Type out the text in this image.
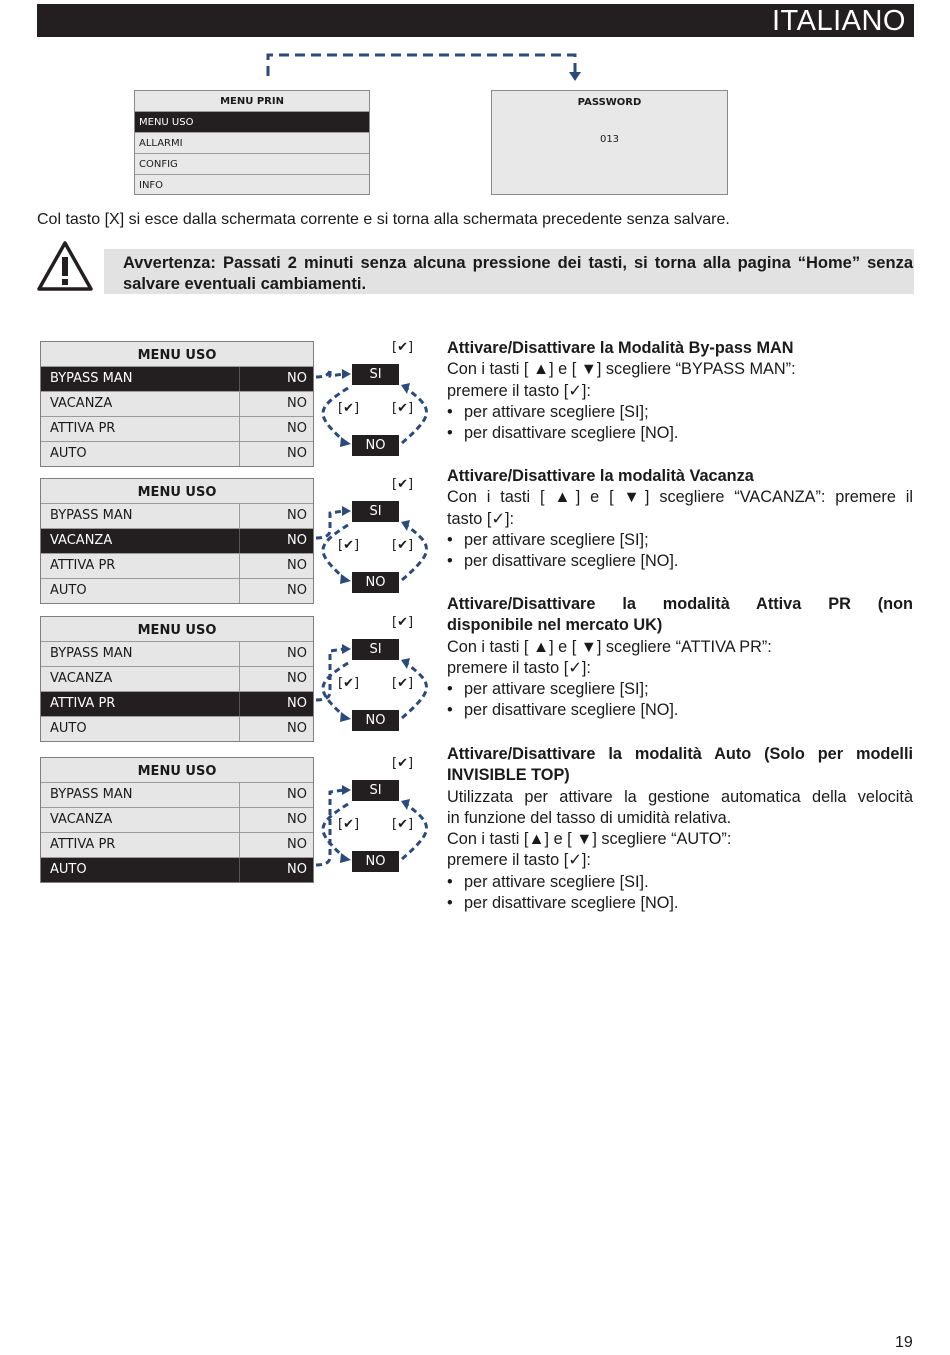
ITALIANO
MENU PRIN
MENU USO
ALLARMI
CONFIG
INFO
PASSWORD
013
Col tasto [X] si esce dalla schermata corrente e si torna alla schermata precedente senza salvare.
Avvertenza: Passati 2 minuti senza alcuna pressione dei tasti, si torna alla pagina “Home” senza salvare eventuali cambiamenti.
MENU USO
BYPASS MAN	NO
VACANZA	NO
ATTIVA PR	NO
AUTO	NO
MENU USO
BYPASS MAN	NO
VACANZA	NO
ATTIVA PR	NO
AUTO	NO
MENU USO
BYPASS MAN	NO
VACANZA	NO
ATTIVA PR	NO
AUTO	NO
MENU USO
BYPASS MAN	NO
VACANZA	NO
ATTIVA PR	NO
AUTO	NO
Attivare/Disattivare la Modalità By-pass MAN
Con i tasti [ ▲] e [ ▼] scegliere “BYPASS MAN”:
premere il tasto [✓]:
• per attivare scegliere [SI];
• per disattivare scegliere [NO].
Attivare/Disattivare la modalità Vacanza
Con i tasti [ ▲] e [ ▼] scegliere “VACANZA”: premere il
tasto [✓]:
• per attivare scegliere [SI];
• per disattivare scegliere [NO].
Attivare/Disattivare la modalità Attiva PR (non
disponibile nel mercato UK)
Con i tasti [ ▲] e [ ▼] scegliere “ATTIVA PR”:
premere il tasto [✓]:
• per attivare scegliere [SI];
• per disattivare scegliere [NO].
Attivare/Disattivare la modalità Auto (Solo per modelli
INVISIBLE TOP)
Utilizzata per attivare la gestione automatica della velocità
in funzione del tasso di umidità relativa.
Con i tasti [▲] e [ ▼] scegliere “AUTO”:
premere il tasto [✓]:
• per attivare scegliere [SI].
• per disattivare scegliere [NO].
19
SI
NO
[✔]
[✔]	[✔]
SI
NO
[✔]
[✔]	[✔]
SI
NO
[✔]
[✔]	[✔]
SI
NO
[✔]
[✔]	[✔]
